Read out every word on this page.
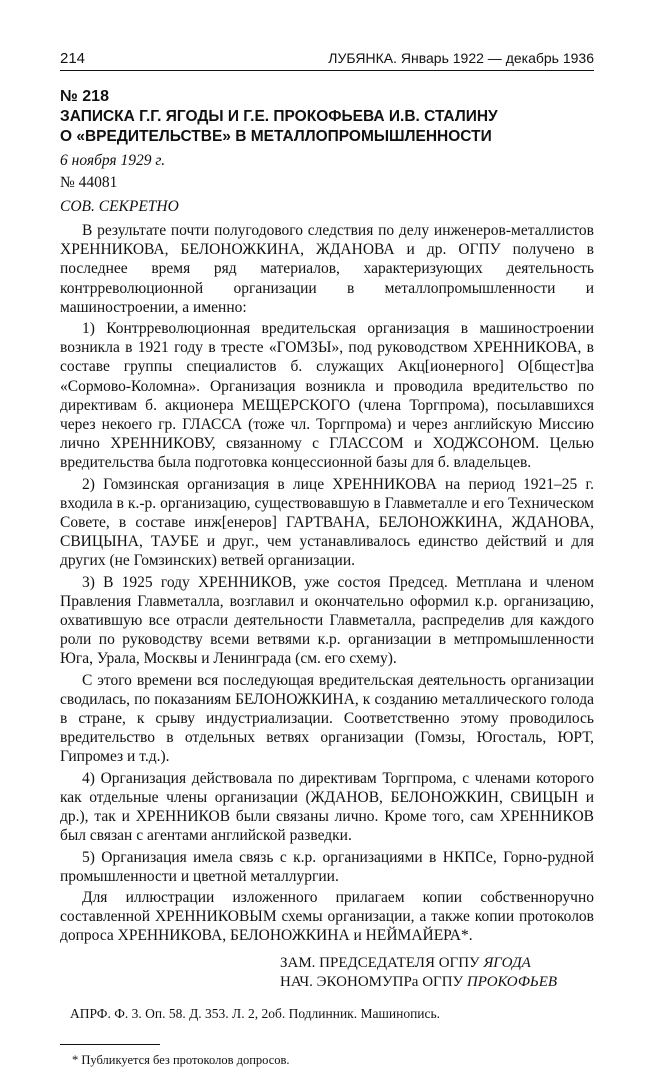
214	ЛУБЯНКА. Январь 1922 — декабрь 1936
№ 218
ЗАПИСКА Г.Г. ЯГОДЫ И Г.Е. ПРОКОФЬЕВА И.В. СТАЛИНУ
О «ВРЕДИТЕЛЬСТВЕ» В МЕТАЛЛОПРОМЫШЛЕННОСТИ
6 ноября 1929 г.
№ 44081
СОВ. СЕКРЕТНО

В результате почти полугодового следствия по делу инженеров-металлистов ХРЕННИКОВА, БЕЛОНОЖКИНА, ЖДАНОВА и др. ОГПУ получено в последнее время ряд материалов, характеризующих деятельность контрреволюционной организации в металлопромышленности и машиностроении, а именно:

1) Контрреволюционная вредительская организация в машиностроении возникла в 1921 году в тресте «ГОМЗЫ», под руководством ХРЕННИКОВА, в составе группы специалистов б. служащих Акц[ионерного] О[бщест]ва «Сормово-Коломна». Организация возникла и проводила вредительство по директивам б. акционера МЕЩЕРСКОГО (члена Торгпрома), посылавшихся через некоего гр. ГЛАССА (тоже чл. Торгпрома) и через английскую Миссию лично ХРЕННИКОВУ, связанному с ГЛАССОМ и ХОДЖСОНОМ. Целью вредительства была подготовка концессионной базы для б. владельцев.

2) Гомзинская организация в лице ХРЕННИКОВА на период 1921–25 г. входила в к.-р. организацию, существовавшую в Главметалле и его Техническом Совете, в составе инж[енеров] ГАРТВАНА, БЕЛОНОЖКИНА, ЖДАНОВА, СВИЦЫНА, ТАУБЕ и друг., чем устанавливалось единство действий и для других (не Гомзинских) ветвей организации.

3) В 1925 году ХРЕННИКОВ, уже состоя Председ. Метплана и членом Правления Главметалла, возглавил и окончательно оформил к.р. организацию, охватившую все отрасли деятельности Главметалла, распределив для каждого роли по руководству всеми ветвями к.р. организации в метпромышленности Юга, Урала, Москвы и Ленинграда (см. его схему).

С этого времени вся последующая вредительская деятельность организации сводилась, по показаниям БЕЛОНОЖКИНА, к созданию металлического голода в стране, к срыву индустриализации. Соответственно этому проводилось вредительство в отдельных ветвях организации (Гомзы, Югосталь, ЮРТ, Гипромез и т.д.).

4) Организация действовала по директивам Торгпрома, с членами которого как отдельные члены организации (ЖДАНОВ, БЕЛОНОЖКИН, СВИЦЫН и др.), так и ХРЕННИКОВ были связаны лично. Кроме того, сам ХРЕННИКОВ был связан с агентами английской разведки.

5) Организация имела связь с к.р. организациями в НКПСе, Горно-рудной промышленности и цветной металлургии.

Для иллюстрации изложенного прилагаем копии собственноручно составленной ХРЕННИКОВЫМ схемы организации, а также копии протоколов допроса ХРЕННИКОВА, БЕЛОНОЖКИНА и НЕЙМАЙЕРА*.

ЗАМ. ПРЕДСЕДАТЕЛЯ ОГПУ ЯГОДА
НАЧ. ЭКОНОМУПРа ОГПУ ПРОКОФЬЕВ
АПРФ. Ф. 3. Оп. 58. Д. 353. Л. 2, 2об. Подлинник. Машинопись.
* Публикуется без протоколов допросов.
